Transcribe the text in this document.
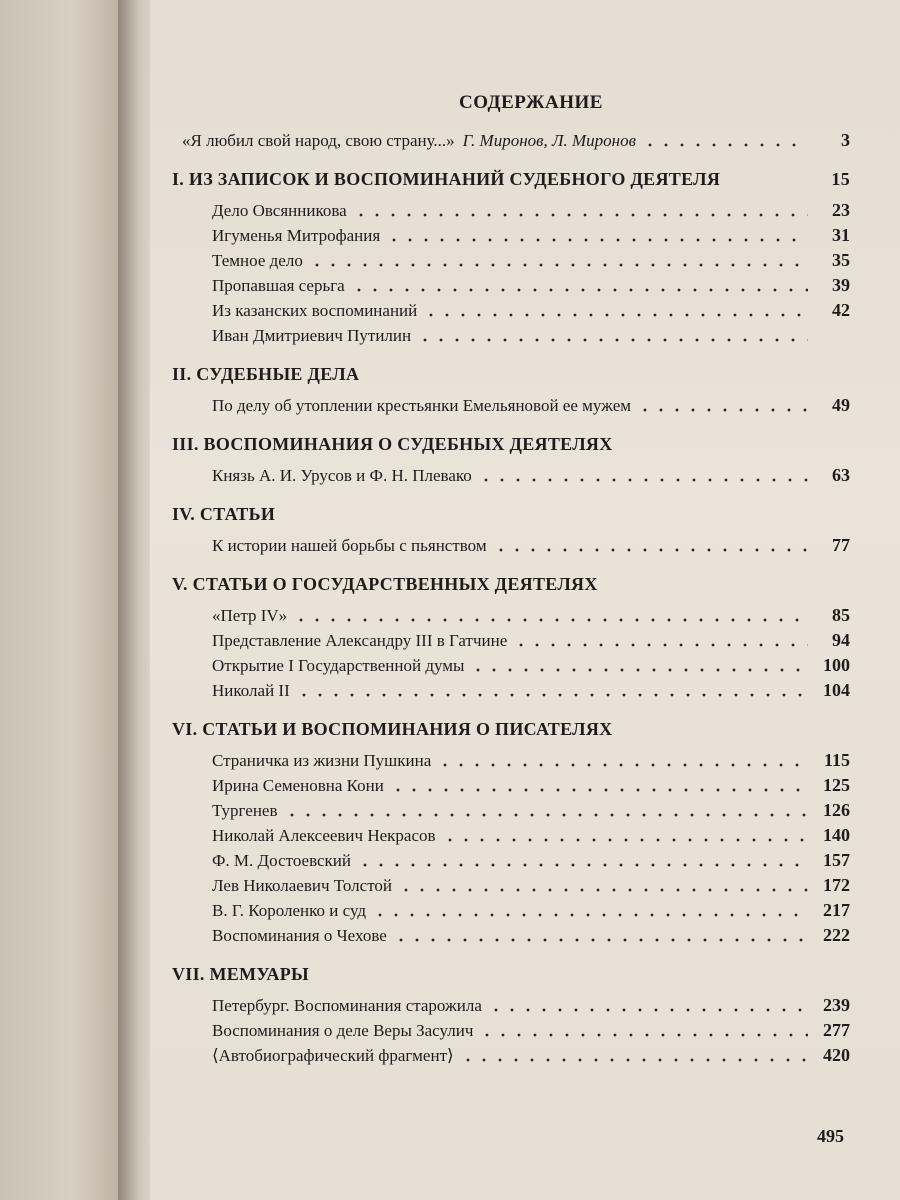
СОДЕРЖАНИЕ
«Я любил свой народ, свою страну...» Г. Миронов, Л. Миронов	3
I. ИЗ ЗАПИСОК И ВОСПОМИНАНИЙ СУДЕБНОГО ДЕЯТЕЛЯ	15
Дело Овсянникова	23
Игуменья Митрофания	31
Темное дело	35
Пропавшая серьга	39
Из казанских воспоминаний	42
Иван Дмитриевич Путилин
II. СУДЕБНЫЕ ДЕЛА
По делу об утоплении крестьянки Емельяновой ее мужем	49
III. ВОСПОМИНАНИЯ О СУДЕБНЫХ ДЕЯТЕЛЯХ
Князь А. И. Урусов и Ф. Н. Плевако	63
IV. СТАТЬИ
К истории нашей борьбы с пьянством	77
V. СТАТЬИ О ГОСУДАРСТВЕННЫХ ДЕЯТЕЛЯХ
«Петр IV»	85
Представление Александру III в Гатчине	94
Открытие I Государственной думы	100
Николай II	104
VI. СТАТЬИ И ВОСПОМИНАНИЯ О ПИСАТЕЛЯХ
Страничка из жизни Пушкина	115
Ирина Семеновна Кони	125
Тургенев	126
Николай Алексеевич Некрасов	140
Ф. М. Достоевский	157
Лев Николаевич Толстой	172
В. Г. Короленко и суд	217
Воспоминания о Чехове	222
VII. МЕМУАРЫ
Петербург. Воспоминания старожила	239
Воспоминания о деле Веры Засулич	277
⟨Автобиографический фрагмент⟩	420
495
